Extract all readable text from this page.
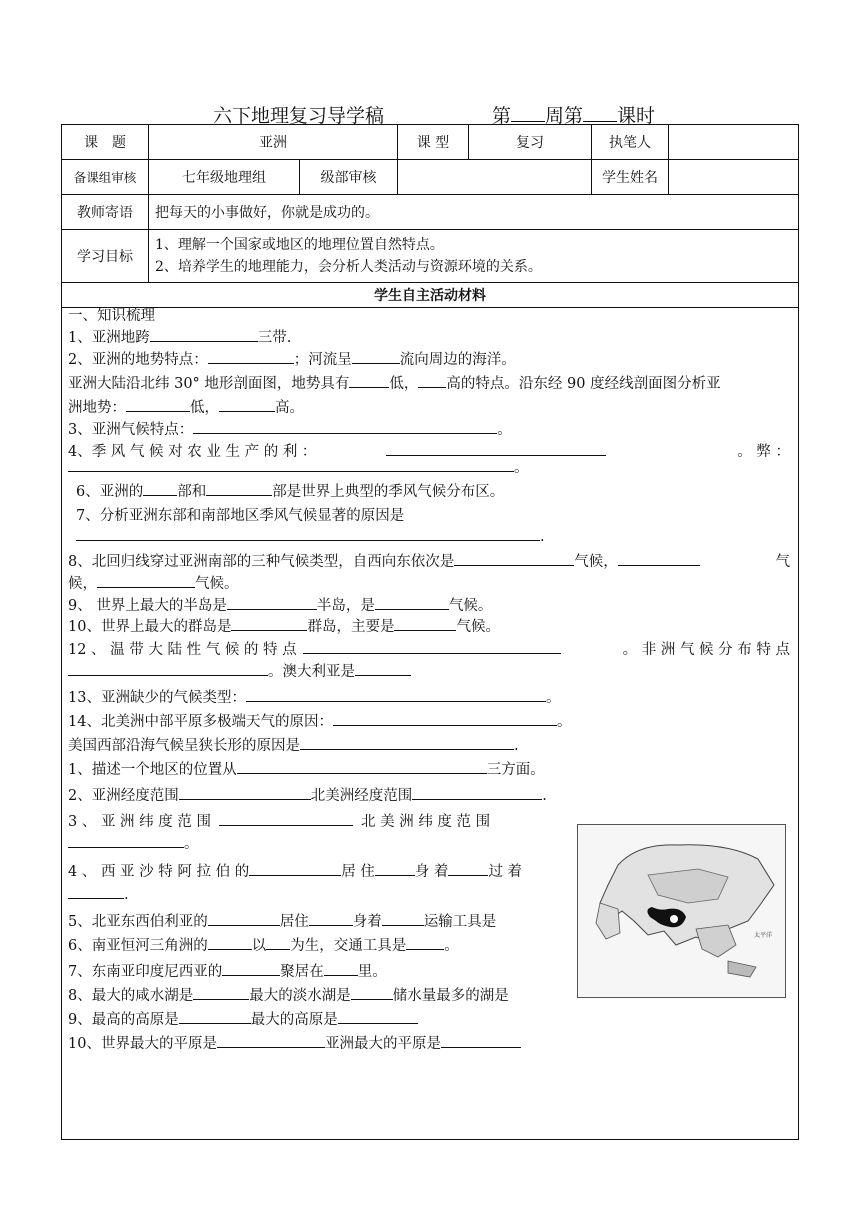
六下地理复习导学稿	第 周第 课时
课　题	亚洲	课 型	复习	执笔人	
备课组审核	七年级地理组 级部审核			学生姓名	
教师寄语	把每天的小事做好，你就是成功的。				
学习目标	1、理解一个国家或地区的地理位置自然特点。
2、培养学生的地理能力，会分析人类活动与资源环境的关系。				

学生自主活动材料					
一、知识梳理
1、亚洲地跨	三带.
2、亚洲的地势特点：	；河流呈	流向周边的海洋。
亚洲大陆沿北纬 30° 地形剖面图，地势具有	低， 高的特点。沿东经 90 度经线剖面图分析亚
洲地势：	低，	高。
3、亚洲气候特点：	。
4、季 风 气 候 对 农 业 生 产 的 利 ：	。 弊 ：
。
6、亚洲的 部和	部是世界上典型的季风气候分布区。
7、分析亚洲东部和南部地区季风气候显著的原因是
.
8、北回归线穿过亚洲南部的三种气候类型，自西向东依次是	气候，	气
候，	气候。
9、 世界上最大的半岛是	半岛，是	气候。
10、世界上最大的群岛是	群岛，主要是	气候。
12 、 温 带 大 陆 性 气 候 的 特 点	。 非 洲 气 候 分 布 特 点
。澳大利亚是
13、亚洲缺少的气候类型：	。
14、北美洲中部平原多极端天气的原因：	。
美国西部沿海气候呈狭长形的原因是	.
1、描述一个地区的位置从	三方面。
2、亚洲经度范围	北美洲经度范围	.
3 、 亚 洲 纬 度 范 围	北 美 洲 纬 度 范 围
。
4 、 西 亚 沙 特 阿 拉 伯 的	居 住	身 着	过 着
.
5、北亚东西伯利亚的	居住	身着	运输工具是
6、南亚恒河三角洲的	以 为生，交通工具是	。
7、东南亚印度尼西亚的	聚居在 里。
8、最大的咸水湖是	最大的淡水湖是	储水量最多的湖是
9、最高的高原是	最大的高原是
10、世界最大的平原是	亚洲最大的平原是
太平洋
